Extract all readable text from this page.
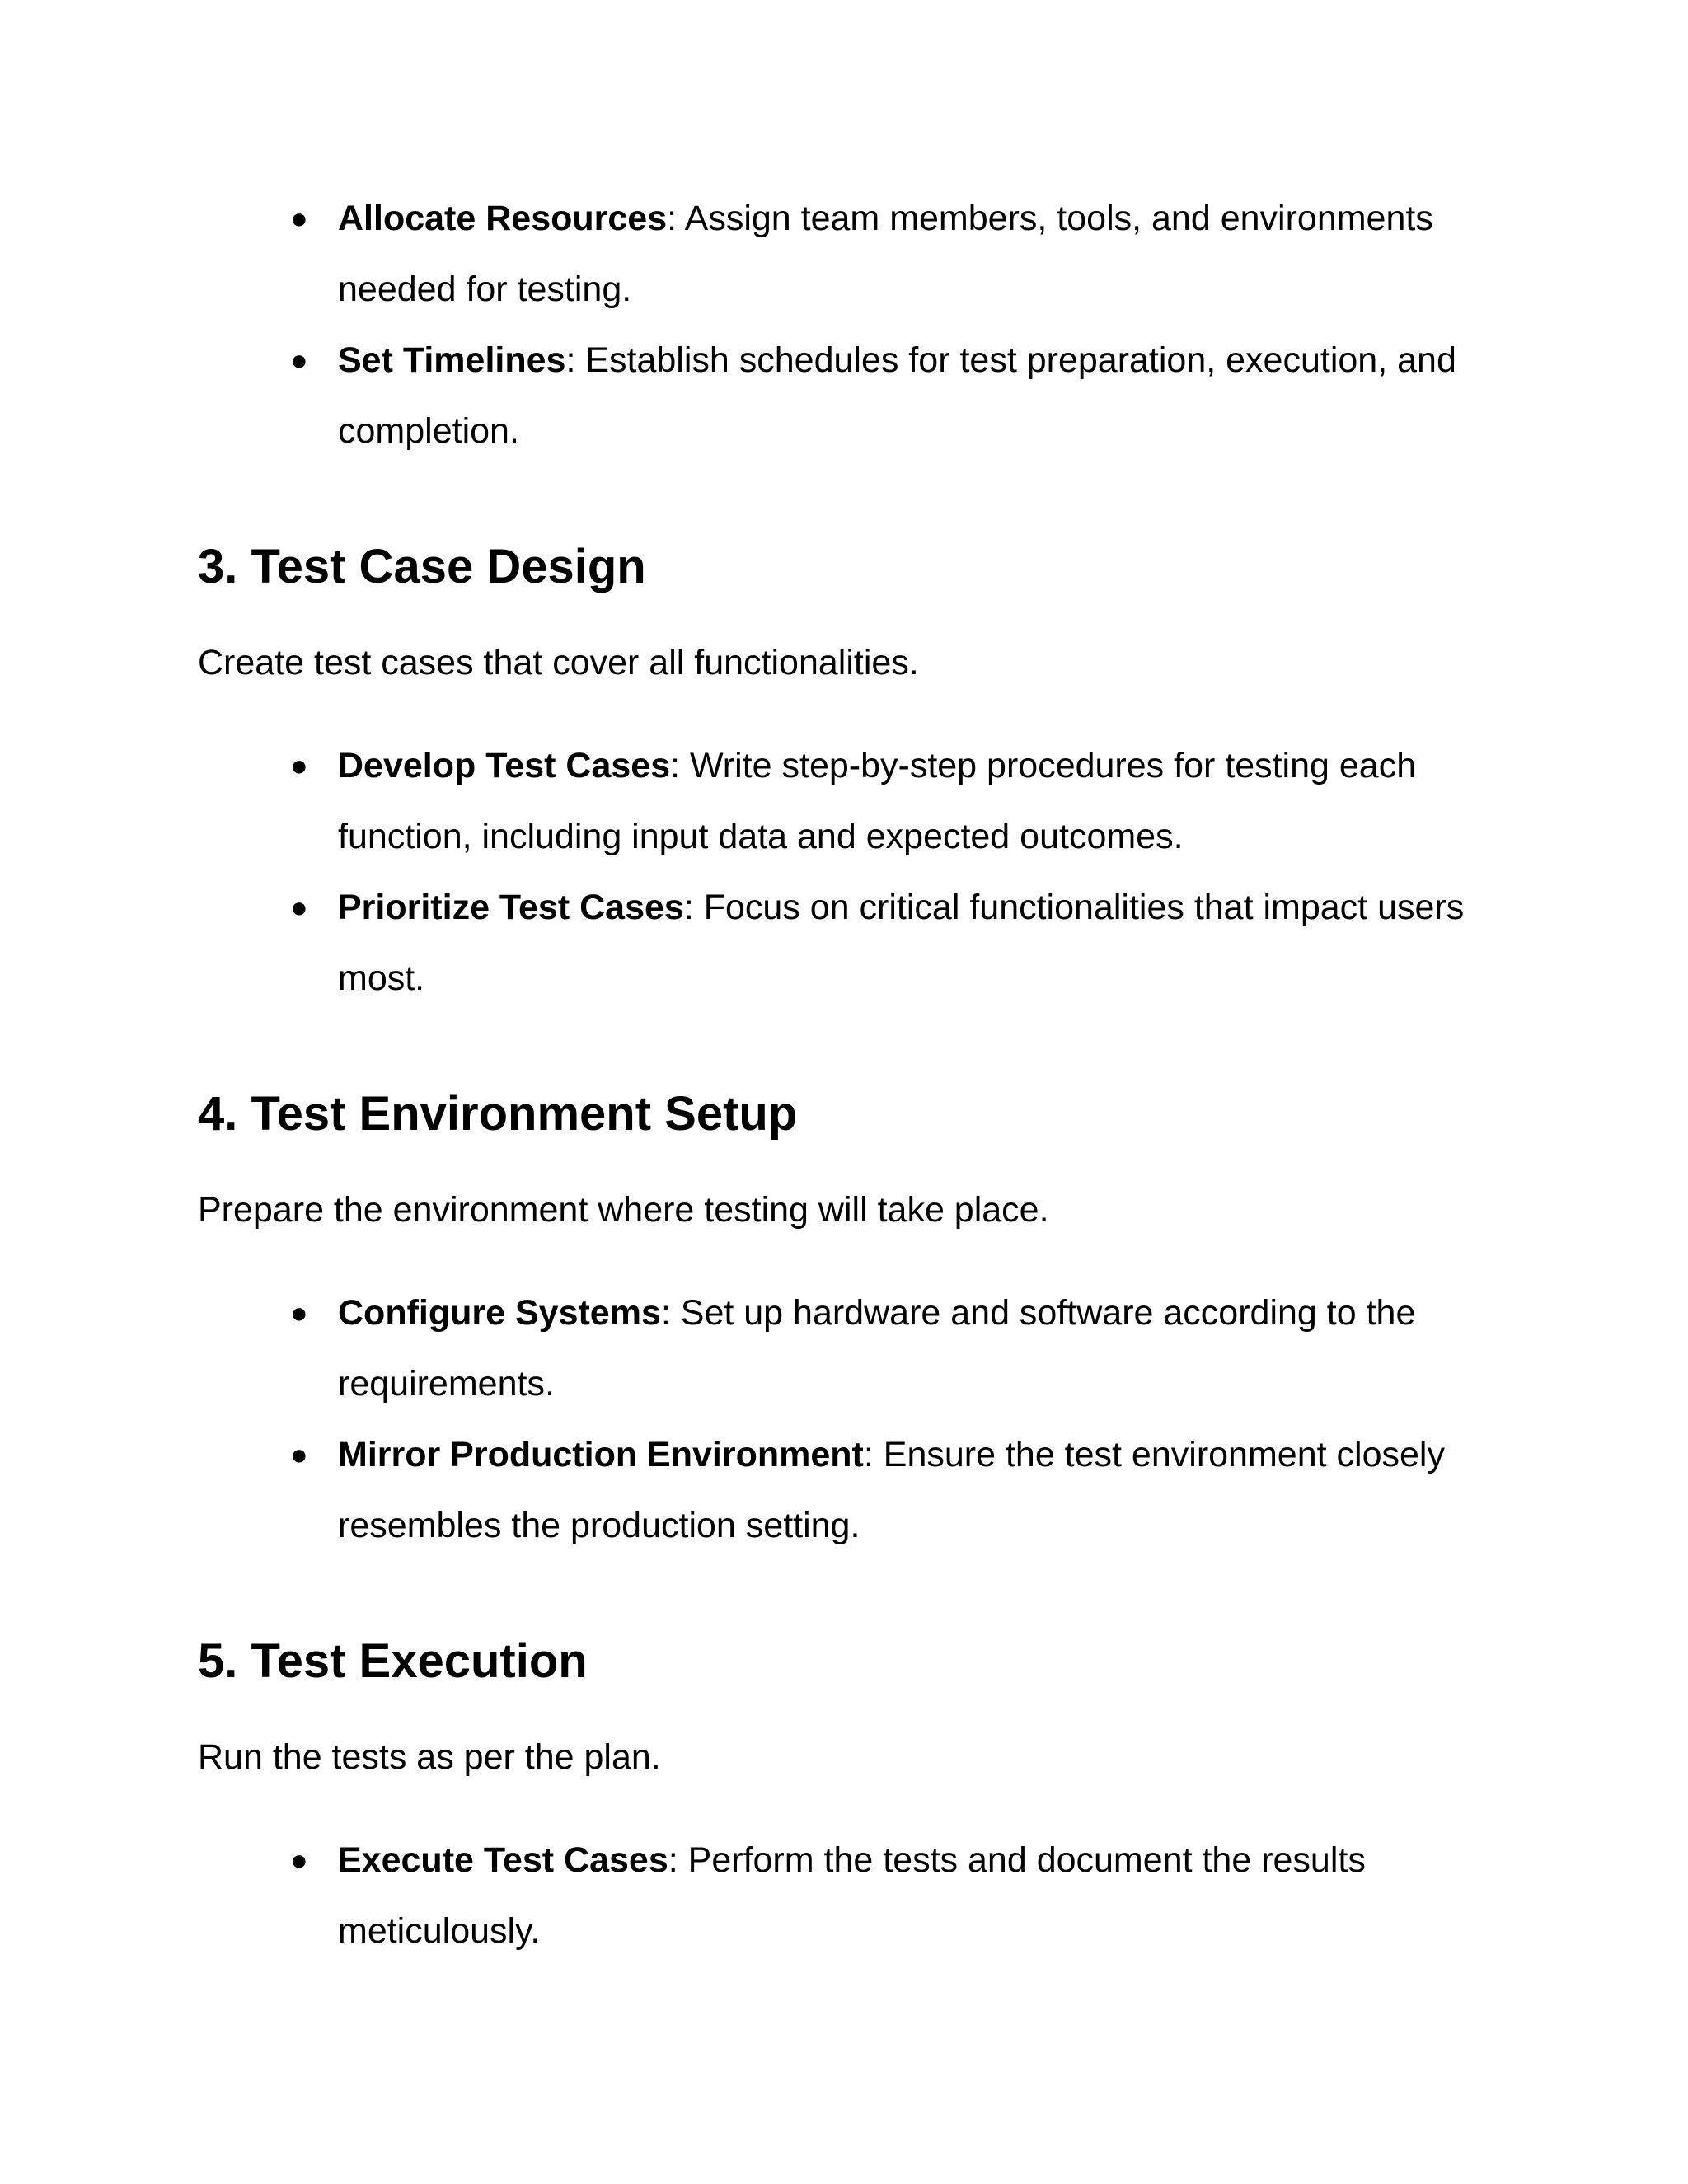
● Allocate Resources: Assign team members, tools, and environments needed for testing.
● Set Timelines: Establish schedules for test preparation, execution, and completion.
3. Test Case Design

Create test cases that cover all functionalities.

● Develop Test Cases: Write step-by-step procedures for testing each function, including input data and expected outcomes.
● Prioritize Test Cases: Focus on critical functionalities that impact users most.
4. Test Environment Setup

Prepare the environment where testing will take place.

● Configure Systems: Set up hardware and software according to the requirements.
● Mirror Production Environment: Ensure the test environment closely resembles the production setting.
5. Test Execution

Run the tests as per the plan.

● Execute Test Cases: Perform the tests and document the results meticulously.
